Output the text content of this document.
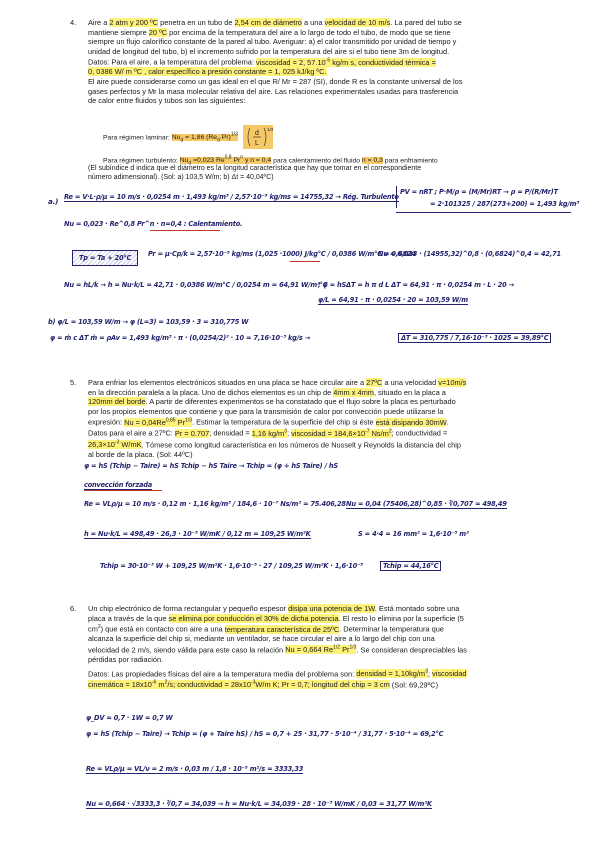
4. Aire a 2 atm y 200 ºC penetra en un tubo de 2,54 cm de diámetro a una velocidad de 10 m/s. La pared del tubo se

mantiene siempre 20 ºC por encima de la temperatura del aire a lo largo de todo el tubo, de modo que se tiene

siempre un flujo calorífico constante de la pared al tubo. Averiguar: a) el calor transmitido por unidad de tiempo y

unidad de longitud del tubo, b) el incremento sufrido por la temperatura del aire si el tubo tiene 3m de longitud.

Datos: Para el aire, a la temperatura del problema: viscosidad = 2, $57.10^{-5}$ kg/m s, conductividad térmica =

0, 0386 W/ m ºC , calor específico a presión constante = 1, 025 kJ/kg ºC.

El aire puede considerarse como un gas ideal en el que R/ Mr = 287 (SI), donde R es la constante universal de los

gases perfectos y Mr la masa molecular relativa del aire. Las relaciones experimentales usadas para trasferencia

de calor entre fluidos y tubos son las siguientes:

Para régimen laminar: $Nu_d = 1,86$ ($Re_d$ Pr)$^{1/3}$ d
L
1/3
Para régimen turbulento: $Nu_d =0,023$ Re$^{0,8}$ Pr$^n$ y n = 0,4 para calentamiento del fluido n = 0,3 para enfriamiento

(El subíndice d indica que el diámetro es la longitud característica que hay que tomar en el correspondiente

número adimensional). (Sol: a) 103,5 W/m; b) Δt = 40,04ºC)

a.) Re = V·L·ρ/μ = 10 m/s · 0,0254 m · 1,493 kg/m³ / 2,57·10⁻⁵ kg/ms = 14755,32 → Rég. Turbulento
PV = nRT ; P·M/ρ = (M/Mr)RT → ρ = P/(R/Mr)T
= 2·101325 / 287(273+200) = 1,493 kg/m³
Nu = 0,023 · Re^0,8 Pr^n · n=0,4 : Calentamiento.
Tp = Ta + 20°C	Pr = μ·Cp/k = 2,57·10⁻⁵ kg/ms (1,025 ·1000) J/kg°C / 0,0386 W/m°C = 0,6824
Nu = 0,023 · (14955,32)^0,8 · (0,6824)^0,4 = 42,71
Nu = hL/k → h = Nu·k/L = 42,71 · 0,0386 W/m°C / 0,0254 m = 64,91 W/m²°C
; φ = hSΔT = h π d L ΔT = 64,91 · π · 0,0254 m · L · 20 →
φ/L = 64,91 · π · 0,0254 · 20 = 103,59 W/m
b) φ/L = 103,59 W/m → φ (L=3) = 103,59 · 3 = 310,775 W
φ = ṁ c ΔT ṁ = ρAv = 1,493 kg/m³ · π · (0,0254/2)² · 10 = 7,16·10⁻³ kg/s →	ΔT = 310,775 / 7,16·10⁻³ · 1025 = 39,89°C
5. Para enfriar los elementos electrónicos situados en una placa se hace circular aire a 27ºC a una velocidad v=10m/s

en la dirección paralela a la placa. Uno de dichos elementos es un chip de 4mm x 4mm, situado en la placa a

120mm del borde. A partir de diferentes experimentos se ha constatado que el flujo sobre la placa es perturbado

por los propios elementos que contiene y que para la transmisión de calor por convección puede utilizarse la

expresión: Nu = 0,04Re$^{0,85}$ $Pr^{1/3}$. Estimar la temperatura de la superficie del chip si éste está disipando 30mW.

Datos para el aire a 27ºC: Pr = 0.707; densidad = 1,16 $kg/m^3$; viscosidad = $184,6\times 10^{-7}$ $Ns/m^2$; conductividad =

$26,3\times 10^{-3}$ W/mK. Tómese como longitud característica en los números de Nusselt y Reynolds la distancia del chip

al borde de la placa. (Sol: 44ºC)

φ = hS (Tchip − Taire) = hS Tchip − hS Taire → Tchip = (φ + hS Taire) / hS
convección forzada
Re = VLρ/μ = 10 m/s · 0,12 m · 1,16 kg/m³ / 184,6 · 10⁻⁷ Ns/m² = 75.406,28 Nu = 0,04 (75406,28)^0,85 · ∛0,707 = 498,49
h = Nu·k/L = 498,49 · 26,3 · 10⁻³ W/mK / 0,12 m = 109,25 W/m²K	S = 4·4 = 16 mm² = 1,6·10⁻⁵ m²
Tchip = 30·10⁻³ W + 109,25 W/m²K · 1,6·10⁻⁵ · 27 / 109,25 W/m²K · 1,6·10⁻⁵	Tchip = 44,16°C
6. Un chip electrónico de forma rectangular y pequeño espesor disipa una potencia de 1W. Está montado sobre una

placa a través de la que se elimina por conducción el 30% de dicha potencia. El resto lo elimina por la superficie (5

$cm^2$) que está en contacto con aire a una temperatura característica de 25ºC. Determinar la temperatura que

alcanza la superficie del chip si, mediante un ventilador, se hace circular el aire a lo largo del chip con una

velocidad de 2 m/s, siendo válida para este caso la relación Nu = 0,664 $Re^{1/2}$ $Pr^{1/3}$. Se consideran despreciables las

pérdidas por radiación.

Datos: Las propiedades físicas del aire a la temperatura media del problema son: densidad = $1,10kg/m^3$; viscosidad

cinemática = $18x10^{-6}$ $m^2/s$; conductividad = $28x10^{-3}W/m$ K; Pr = 0,7; longitud del chip = 3 cm (Sol: 69,29ºC)

φ_DV = 0,7 · 1W = 0,7 W
φ = hS (Tchip − Taire) → Tchip = (φ + Taire hS) / hS = 0,7 + 25 · 31,77 · 5·10⁻⁴ / 31,77 · 5·10⁻⁴ = 69,2°C
Re = VLρ/μ = VL/ν = 2 m/s · 0,03 m / 1,8 · 10⁻⁵ m²/s = 3333,33
Nu = 0,664 · √3333,3 · ∛0,7 = 34,039 → h = Nu·k/L = 34,039 · 28 · 10⁻³ W/mK / 0,03 = 31,77 W/m²K
